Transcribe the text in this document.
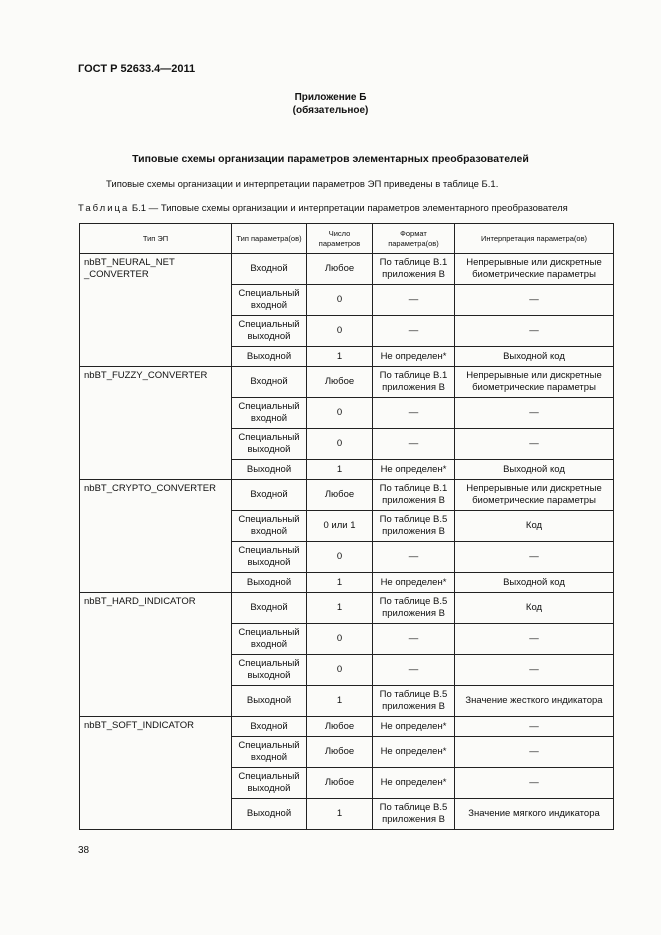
ГОСТ Р 52633.4—2011
Приложение Б
(обязательное)
Типовые схемы организации параметров элементарных преобразователей
Типовые схемы организации и интерпретации параметров ЭП приведены в таблице Б.1.
Таблица Б.1 — Типовые схемы организации и интерпретации параметров элементарного преобразователя
Тип ЭП	Тип параметра(ов)	Число параметров	Формат параметра(ов)	Интерпретация параметра(ов)
nbBT_NEURAL_NET _CONVERTER	Входной	Любое	По таблице В.1 приложения В	Непрерывные или дискретные биометрические параметры
	Специальный входной	0	—	—
	Специальный выходной	0	—	—
	Выходной	1	Не определен*	Выходной код
nbBT_FUZZY_CONVERTER	Входной	Любое	По таблице В.1 приложения В	Непрерывные или дискретные биометрические параметры
	Специальный входной	0	—	—
	Специальный выходной	0	—	—
	Выходной	1	Не определен*	Выходной код
nbBT_CRYPTO_CONVERTER	Входной	Любое	По таблице В.1 приложения В	Непрерывные или дискретные биометрические параметры
	Специальный входной	0 или 1	По таблице В.5 приложения В	Код
	Специальный выходной	0	—	—
	Выходной	1	Не определен*	Выходной код
nbBT_HARD_INDICATOR	Входной	1	По таблице В.5 приложения В	Код
	Специальный входной	0	—	—
	Специальный выходной	0	—	—
	Выходной	1	По таблице В.5 приложения В	Значение жесткого индикатора
nbBT_SOFT_INDICATOR	Входной	Любое	Не определен*	—
	Специальный входной	Любое	Не определен*	—
	Специальный выходной	Любое	Не определен*	—
	Выходной	1	По таблице В.5 приложения В	Значение мягкого индикатора
38
